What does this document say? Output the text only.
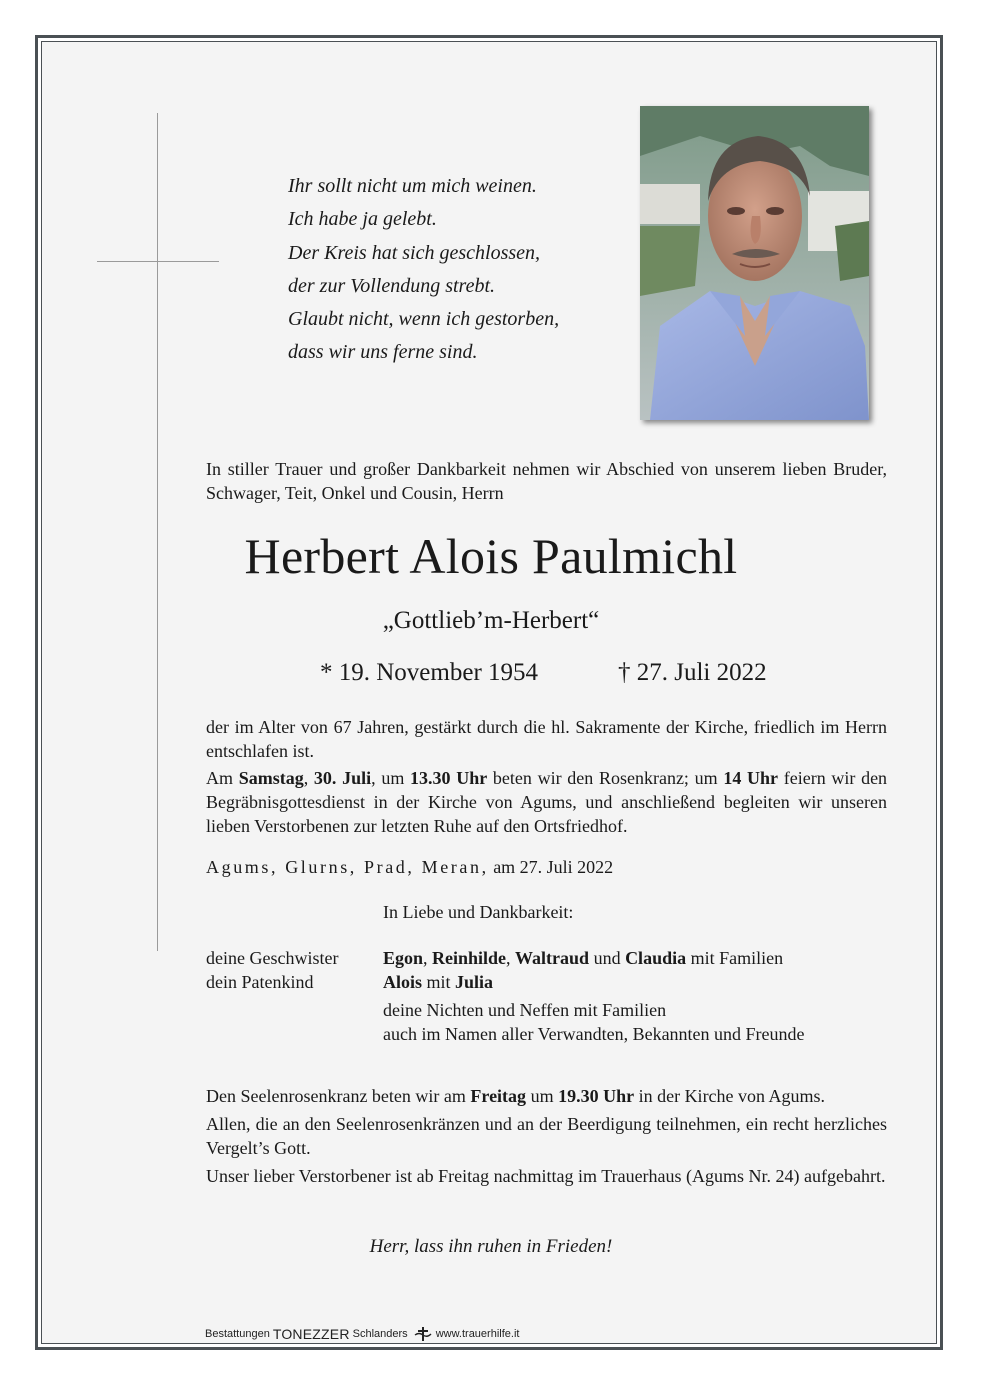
Ihr sollt nicht um mich weinen.
Ich habe ja gelebt.
Der Kreis hat sich geschlossen,
der zur Vollendung strebt.
Glaubt nicht, wenn ich gestorben,
dass wir uns ferne sind.
In stiller Trauer und großer Dankbarkeit nehmen wir Abschied von unserem lieben Bruder, Schwager, Teit, Onkel und Cousin, Herrn
Herbert Alois Paulmichl
„Gottlieb’m-Herbert“
* 19. November 1954	† 27. Juli 2022
der im Alter von 67 Jahren, gestärkt durch die hl. Sakramente der Kirche, friedlich im Herrn entschlafen ist.
Am Samstag, 30. Juli, um 13.30 Uhr beten wir den Rosenkranz; um 14 Uhr feiern wir den Begräbnisgottesdienst in der Kirche von Agums, und anschließend begleiten wir unseren lieben Verstorbenen zur letzten Ruhe auf den Ortsfriedhof.
Agums, Glurns, Prad, Meran, am 27. Juli 2022
In Liebe und Dankbarkeit:
deine Geschwister
dein Patenkind
Egon, Reinhilde, Waltraud und Claudia mit Familien
Alois mit Julia
deine Nichten und Neffen mit Familien
auch im Namen aller Verwandten, Bekannten und Freunde
Den Seelenrosenkranz beten wir am Freitag um 19.30 Uhr in der Kirche von Agums.
Allen, die an den Seelenrosenkränzen und an der Beerdigung teilnehmen, ein recht herzliches Vergelt’s Gott.
Unser lieber Verstorbener ist ab Freitag nachmittag im Trauerhaus (Agums Nr. 24) aufgebahrt.
Herr, lass ihn ruhen in Frieden!
Bestattungen TONEZZER Schlanders	www.trauerhilfe.it
